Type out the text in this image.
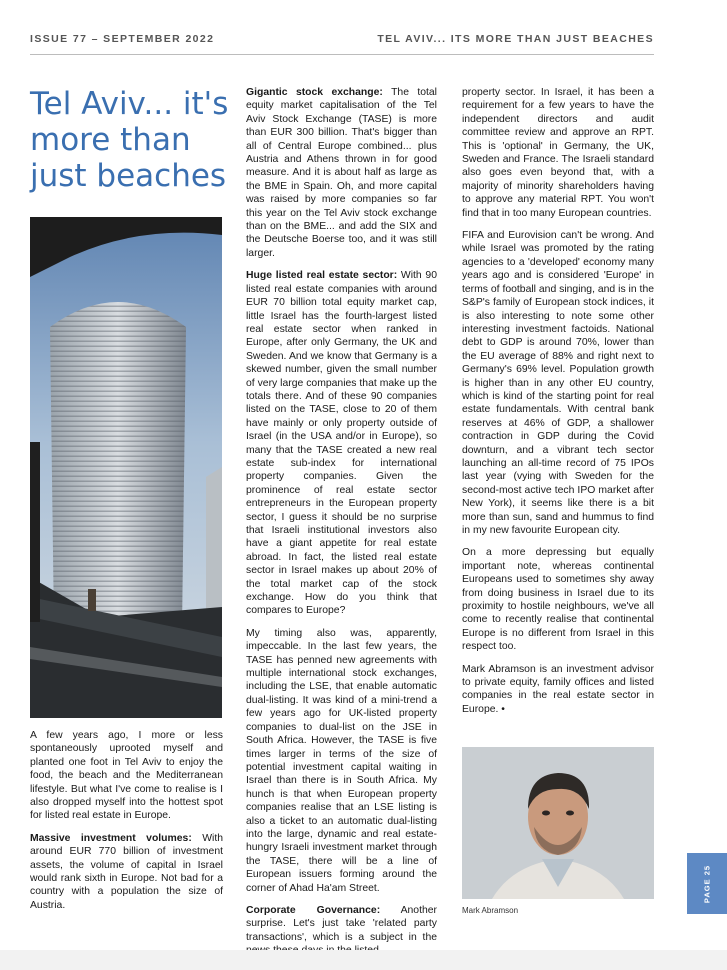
ISSUE 77 – SEPTEMBER 2022	TEL AVIV... ITS MORE THAN JUST BEACHES
Tel Aviv... it's more than just beaches

A few years ago, I more or less spontaneously uprooted myself and planted one foot in Tel Aviv to enjoy the food, the beach and the Mediterranean lifestyle. But what I've come to realise is I also dropped myself into the hottest spot for listed real estate in Europe.

Massive investment volumes: With around EUR 770 billion of investment assets, the volume of capital in Israel would rank sixth in Europe. Not bad for a country with a population the size of Austria.

Gigantic stock exchange: The total equity market capitalisation of the Tel Aviv Stock Exchange (TASE) is more than EUR 300 billion. That's bigger than all of Central Europe combined... plus Austria and Athens thrown in for good measure. And it is about half as large as the BME in Spain. Oh, and more capital was raised by more companies so far this year on the Tel Aviv stock exchange than on the BME... and add the SIX and the Deutsche Boerse too, and it was still larger.

Huge listed real estate sector: With 90 listed real estate companies with around EUR 70 billion total equity market cap, little Israel has the fourth-largest listed real estate sector when ranked in Europe, after only Germany, the UK and Sweden. And we know that Germany is a skewed number, given the small number of very large companies that make up the totals there. And of these 90 companies listed on the TASE, close to 20 of them have mainly or only property outside of Israel (in the USA and/or in Europe), so many that the TASE created a new real estate sub-index for international property companies. Given the prominence of real estate sector entrepreneurs in the European property sector, I guess it should be no surprise that Israeli institutional investors also have a giant appetite for real estate abroad. In fact, the listed real estate sector in Israel makes up about 20% of the total market cap of the stock exchange. How do you think that compares to Europe?

My timing also was, apparently, impeccable. In the last few years, the TASE has penned new agreements with multiple international stock exchanges, including the LSE, that enable automatic dual-listing. It was kind of a mini-trend a few years ago for UK-listed property companies to dual-list on the JSE in South Africa. However, the TASE is five times larger in terms of the size of potential investment capital waiting in Israel than there is in South Africa. My hunch is that when European property companies realise that an LSE listing is also a ticket to an automatic dual-listing into the large, dynamic and real estate-hungry Israeli investment market through the TASE, there will be a line of European issuers forming around the corner of Ahad Ha'am Street.

Corporate Governance: Another surprise. Let's just take 'related party transactions', which is a subject in the

property sector. In Israel, it has been a requirement for a few years to have the independent directors and audit committee review and approve an RPT. This is 'optional' in Germany, the UK, Sweden and France. The Israeli standard also goes even beyond that, with a majority of minority shareholders having to approve any material RPT. You won't find that in too many European countries.

FIFA and Eurovision can't be wrong. And while Israel was promoted by the rating agencies to a 'developed' economy many years ago and is considered 'Europe' in terms of football and singing, and is in the S&P's family of European stock indices, it is also interesting to note some other interesting investment factoids. National debt to GDP is around 70%, lower than the EU average of 88% and right next to Germany's 69% level. Population growth is higher than in any other EU country, which is kind of the starting point for real estate fundamentals. With central bank reserves at 46% of GDP, a shallower contraction in GDP during the Covid downturn, and a vibrant tech sector launching an all-time record of 75 IPOs last year (vying with Sweden for the second-most active tech IPO market after New York), it seems like there is a bit more than sun, sand and hummus to find in my new favourite European city.

On a more depressing but equally important note, whereas continental Europeans used to sometimes shy away from doing business in Israel due to its proximity to hostile neighbours, we've all come to recently realise that continental Europe is no different from Israel in this respect too.

Mark Abramson is an investment advisor to private equity, family offices and listed companies in the real estate sector in Europe. •

Mark Abramson
PAGE 25
